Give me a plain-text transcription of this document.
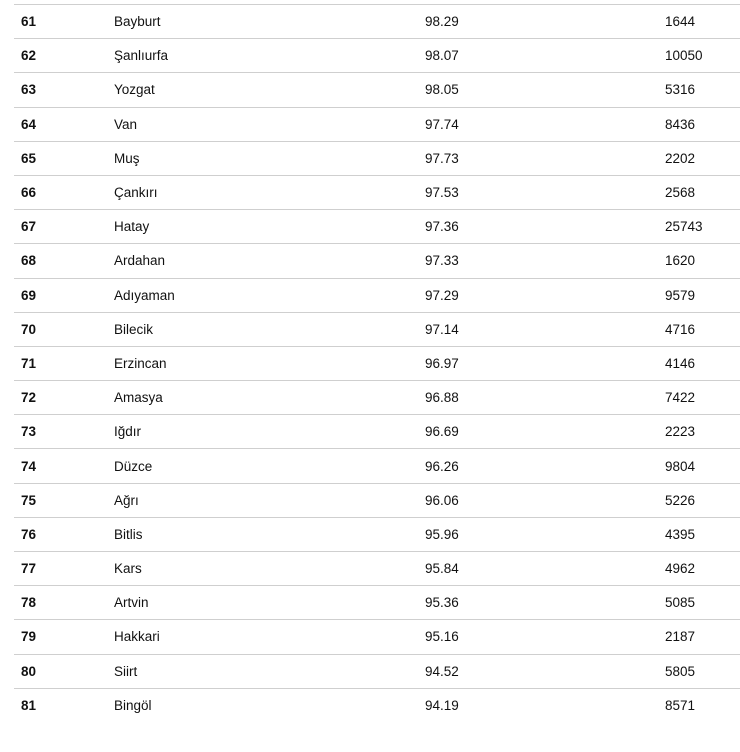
61	Bayburt	98.29	1644
62	Şanlıurfa	98.07	10050
63	Yozgat	98.05	5316
64	Van	97.74	8436
65	Muş	97.73	2202
66	Çankırı	97.53	2568
67	Hatay	97.36	25743
68	Ardahan	97.33	1620
69	Adıyaman	97.29	9579
70	Bilecik	97.14	4716
71	Erzincan	96.97	4146
72	Amasya	96.88	7422
73	Iğdır	96.69	2223
74	Düzce	96.26	9804
75	Ağrı	96.06	5226
76	Bitlis	95.96	4395
77	Kars	95.84	4962
78	Artvin	95.36	5085
79	Hakkari	95.16	2187
80	Siirt	94.52	5805
81	Bingöl	94.19	8571
